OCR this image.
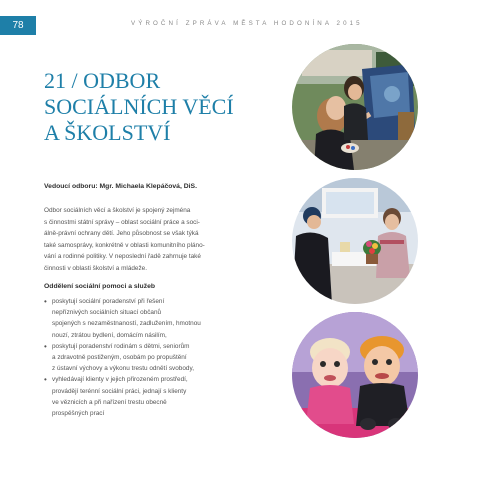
78	VÝROČNÍ ZPRÁVA MĚSTA HODONÍNA 2015
21 / ODBOR
SOCIÁLNÍCH VĚCÍ
A ŠKOLSTVÍ
Vedoucí odboru: Mgr. Michaela Klepáčová, DiS.
Odbor sociálních věcí a školství je spojený zejména
s činnostmi státní správy – oblast sociální práce a soci-
álně-právní ochrany dětí. Jeho působnost se však týká
také samosprávy, konkrétně v oblasti komunitního pláno-
vání a rodinné politiky. V neposlední řadě zahrnuje také
činnosti v oblasti školství a mládeže.
Oddělení sociální pomoci a služeb
• poskytují sociální poradenství při řešení
nepříznivých sociálních situací občanů
spojených s nezaměstnaností, zadlužením, hmotnou
nouzí, ztrátou bydlení, domácím násilím,
• poskytují poradenství rodinám s dětmi, seniorům
a zdravotně postiženým, osobám po propuštění
z ústavní výchovy a výkonu trestu odnětí svobody,
• vyhledávají klienty v jejich přirozeném prostředí,
provádějí terénní sociální práci, jednají s klienty
ve věznicích a při nařízení trestu obecně
prospěšných prací
